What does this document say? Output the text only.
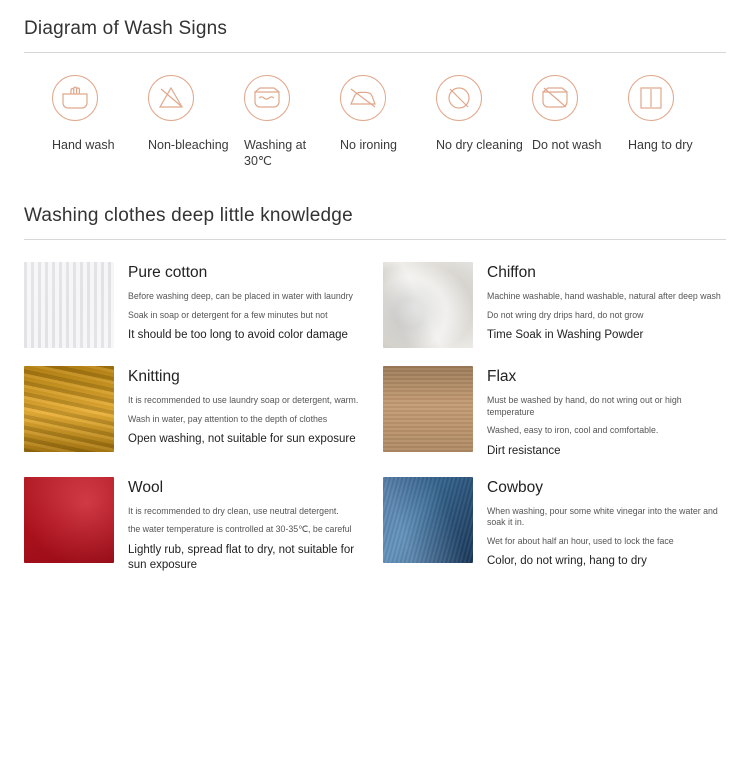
Diagram of Wash Signs
Hand wash	Non-bleaching	Washing at 30℃
No ironing	No dry cleaning Do not wash	Hang to dry
Washing clothes deep little knowledge
Pure cotton
Before washing deep, can be placed in water with laundry
Soak in soap or detergent for a few minutes but not
It should be too long to avoid color damage
Chiffon
Machine washable, hand washable, natural after deep wash
Do not wring dry drips hard, do not grow
Time Soak in Washing Powder
Knitting
It is recommended to use laundry soap or detergent, warm.
Wash in water, pay attention to the depth of clothes
Open washing, not suitable for sun exposure
Flax
Must be washed by hand, do not wring out or high temperature
Washed, easy to iron, cool and comfortable.
Dirt resistance
Wool
It is recommended to dry clean, use neutral detergent.
the water temperature is controlled at 30-35℃, be careful
Lightly rub, spread flat to dry, not suitable for sun exposure
Cowboy
When washing, pour some white vinegar into the water and soak it in.
Wet for about half an hour, used to lock the face
Color, do not wring, hang to dry
